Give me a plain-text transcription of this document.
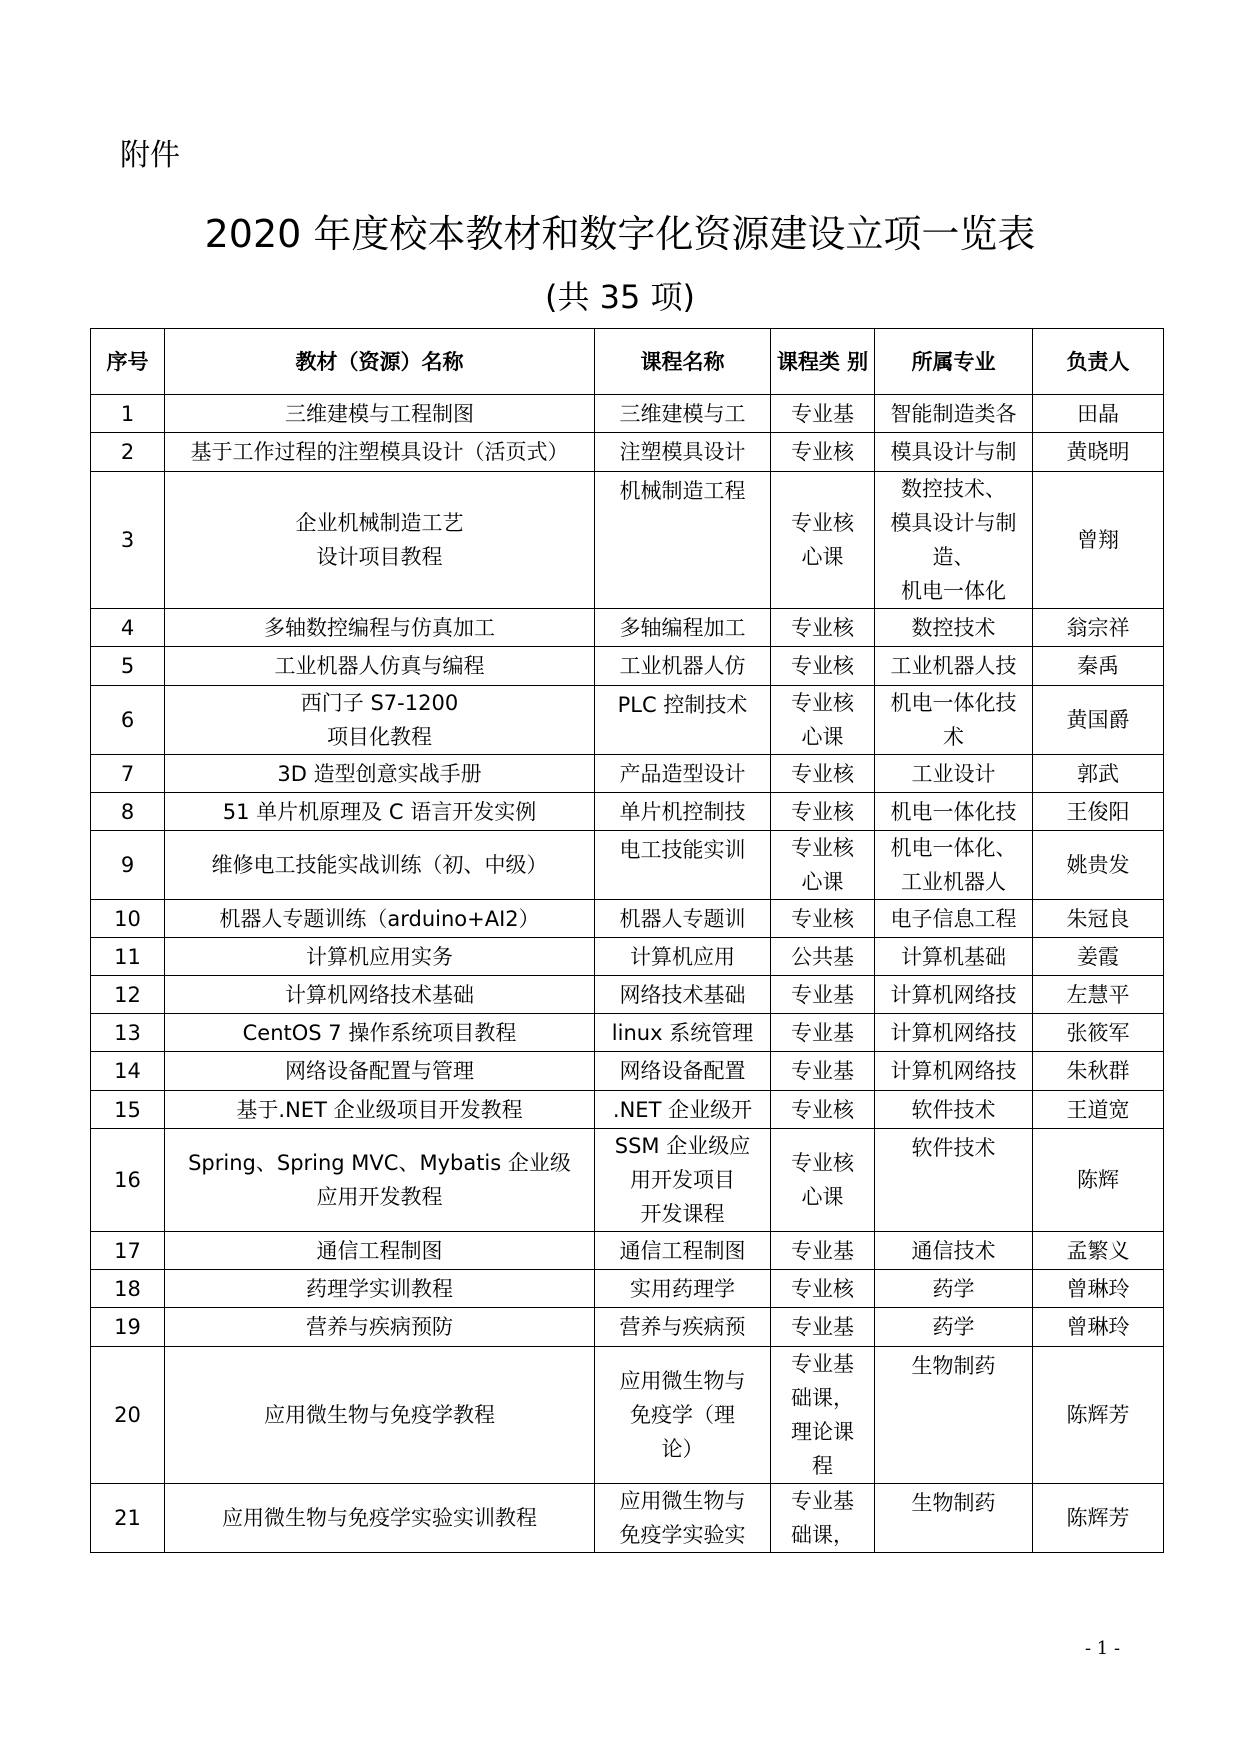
附件
2020 年度校本教材和数字化资源建设立项一览表
(共 35 项)
序号	教材（资源）名称	课程名称	课程类 别	所属专业	负责人
1	三维建模与工程制图	三维建模与工	专业基	智能制造类各	田晶
2	基于工作过程的注塑模具设计（活页式）	注塑模具设计	专业核	模具设计与制	黄晓明
3	企业机械制造工艺
设计项目教程	机械制造工程	专业核
心课	数控技术、
模具设计与制
造、
机电一体化	曾翔
4	多轴数控编程与仿真加工	多轴编程加工	专业核	数控技术	翁宗祥
5	工业机器人仿真与编程	工业机器人仿	专业核	工业机器人技	秦禹
6	西门子 S7-1200
项目化教程	PLC 控制技术	专业核
心课	机电一体化技
术	黄国爵
7	3D 造型创意实战手册	产品造型设计	专业核	工业设计	郭武
8	51 单片机原理及 C 语言开发实例	单片机控制技	专业核	机电一体化技	王俊阳
9	维修电工技能实战训练（初、中级）	电工技能实训	专业核
心课	机电一体化、
工业机器人	姚贵发
10	机器人专题训练（arduino+AI2）	机器人专题训	专业核	电子信息工程	朱冠良
11	计算机应用实务	计算机应用	公共基	计算机基础	姜霞
12	计算机网络技术基础	网络技术基础	专业基	计算机网络技	左慧平
13	CentOS 7 操作系统项目教程	linux 系统管理	专业基	计算机网络技	张筱军
14	网络设备配置与管理	网络设备配置	专业基	计算机网络技	朱秋群
15	基于.NET 企业级项目开发教程	.NET 企业级开	专业核	软件技术	王道宽
16	Spring、Spring MVC、Mybatis 企业级
应用开发教程	SSM 企业级应
用开发项目
开发课程	专业核
心课	软件技术	陈辉
17	通信工程制图	通信工程制图	专业基	通信技术	孟繁义
18	药理学实训教程	实用药理学	专业核	药学	曾琳玲
19	营养与疾病预防	营养与疾病预	专业基	药学	曾琳玲
20	应用微生物与免疫学教程	应用微生物与
免疫学（理
论）	专业基
础课，
理论课
程	生物制药	陈辉芳
21	应用微生物与免疫学实验实训教程	应用微生物与
免疫学实验实	专业基
础课，	生物制药	陈辉芳
- 1 -
